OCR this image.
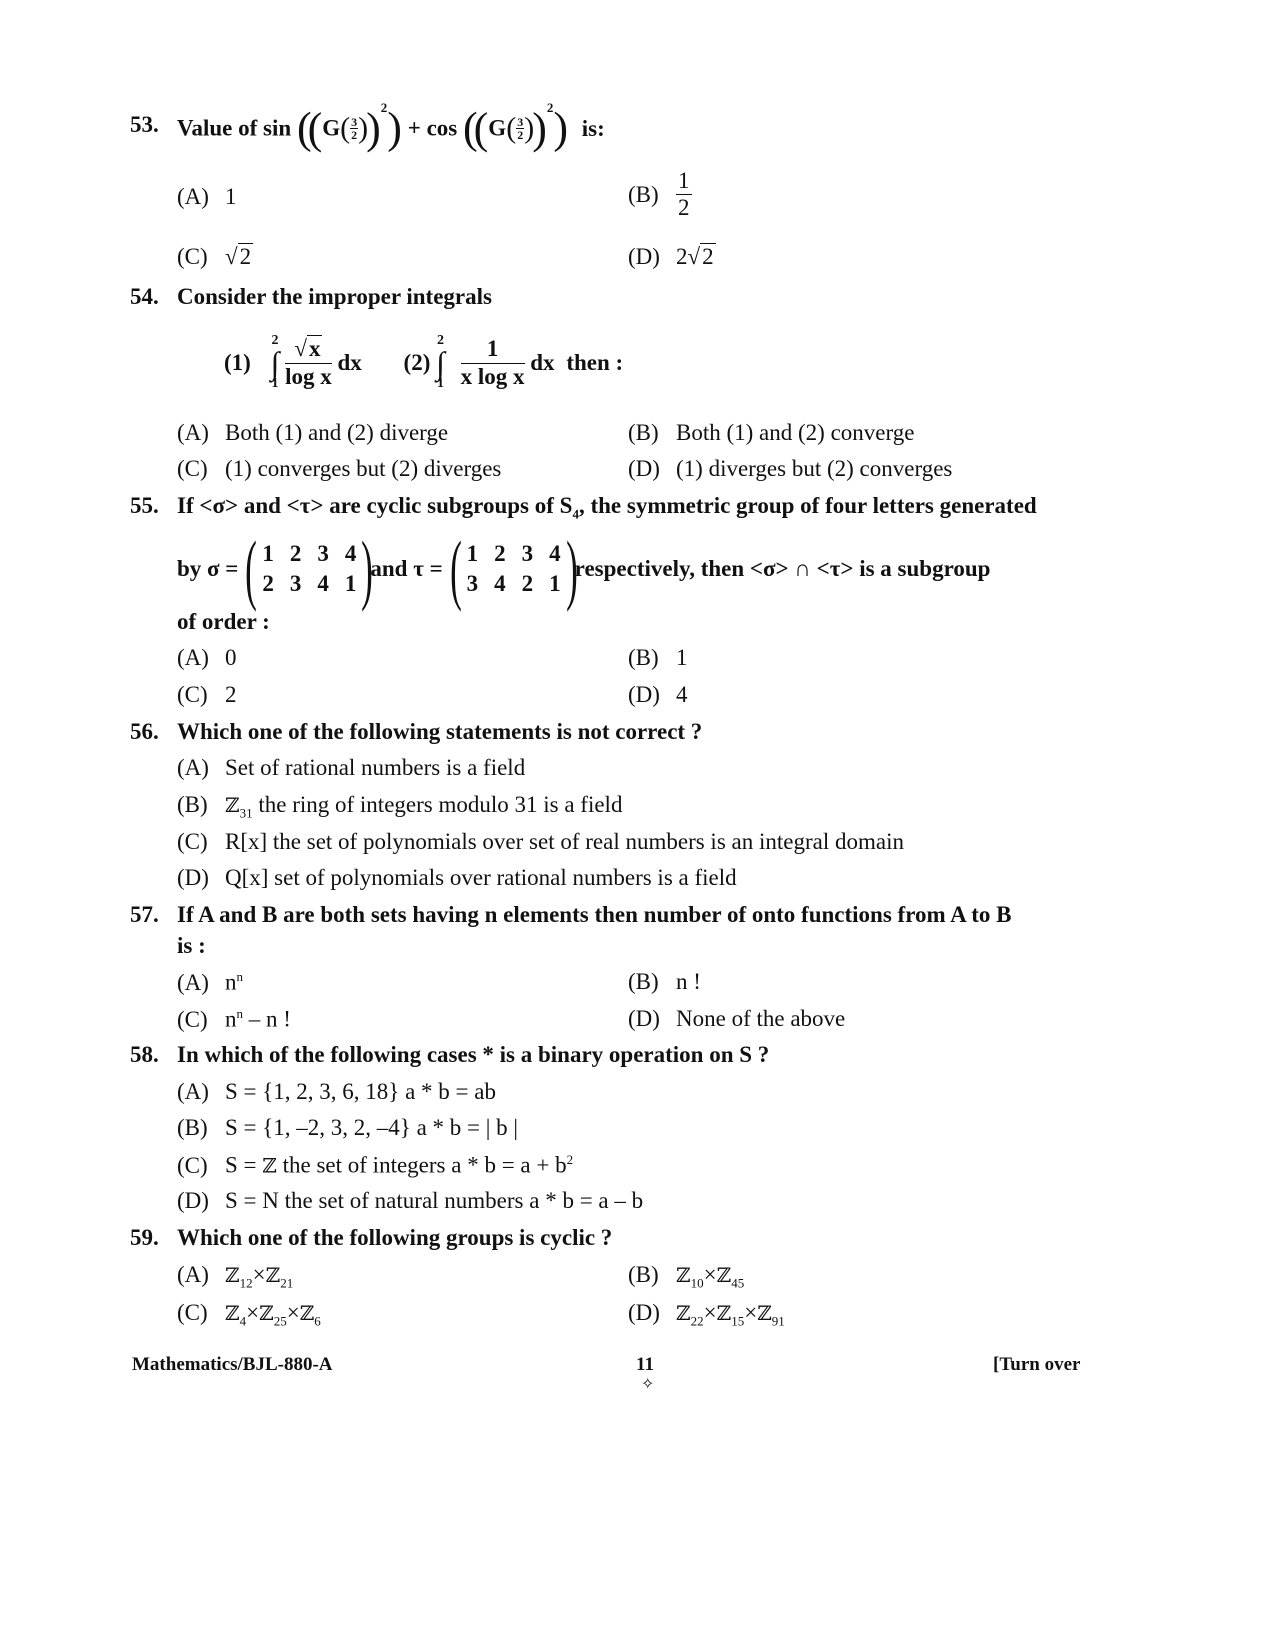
53. Value of $\sin ((G( \frac{3}{2} ))^2) + \cos ((G( \frac{3}{2} ))^2)$ is:
(A) 1	$(B) \frac{1}{2}$
(C) √2	(D) 2√2
54. Consider the improper integrals
(1) 2
∫
$1 \frac{√x}{\text{log x}}$ dx (2) 2
∫
$1 \frac{1}{\text{x log x}}$ dx then :
(A) Both (1) and (2) diverge	(B) Both (1) and (2) converge
(C) (1) converges but (2) diverges	(D) (1) diverges but (2) converges
55. If <σ> and <τ> are cyclic subgroups of $S_4$, the symmetric group of four letters generated
by σ =( 1	2	3	4
2	3	4	1 )and τ =( 1	2	3	4
3	4	2	1 )respectively, then <σ> ∩ <τ> is a subgroup
of order :
(A) 0	(B) 1
(C) 2	(D) 4
56. Which one of the following statements is not correct ?
(A) Set of rational numbers is a field
(B) ℤ$_{31}$ the ring of integers modulo 31 is a field
(C) R[x] the set of polynomials over set of real numbers is an integral domain
(D) Q[x] set of polynomials over rational numbers is a field
57. If A and B are both sets having n elements then number of onto functions from A to B
is :
(A) $n^n$	(B) n !
(C) $n^n$ – n !	(D) None of the above
58. In which of the following cases * is a binary operation on S ?
(A) S = {1, 2, 3, 6, 18} a * b = ab
(B) S = {1, –2, 3, 2, –4} a * b = | b |
(C) S = ℤ the set of integers $a * b = a + b^2$
(D) S = N the set of natural numbers a * b = a – b
59. Which one of the following groups is cyclic ?
(A) ℤ$_{12}$×ℤ$_{21}$	(B) ℤ$_{10}$×ℤ$_{45}$
(C) ℤ$_4$×ℤ$_{25}$×ℤ$_6$	(D) ℤ$_{22}$×ℤ$_{15}$×ℤ$_{91}$
Mathematics/BJL-880-A	11
✧
[Turn over
